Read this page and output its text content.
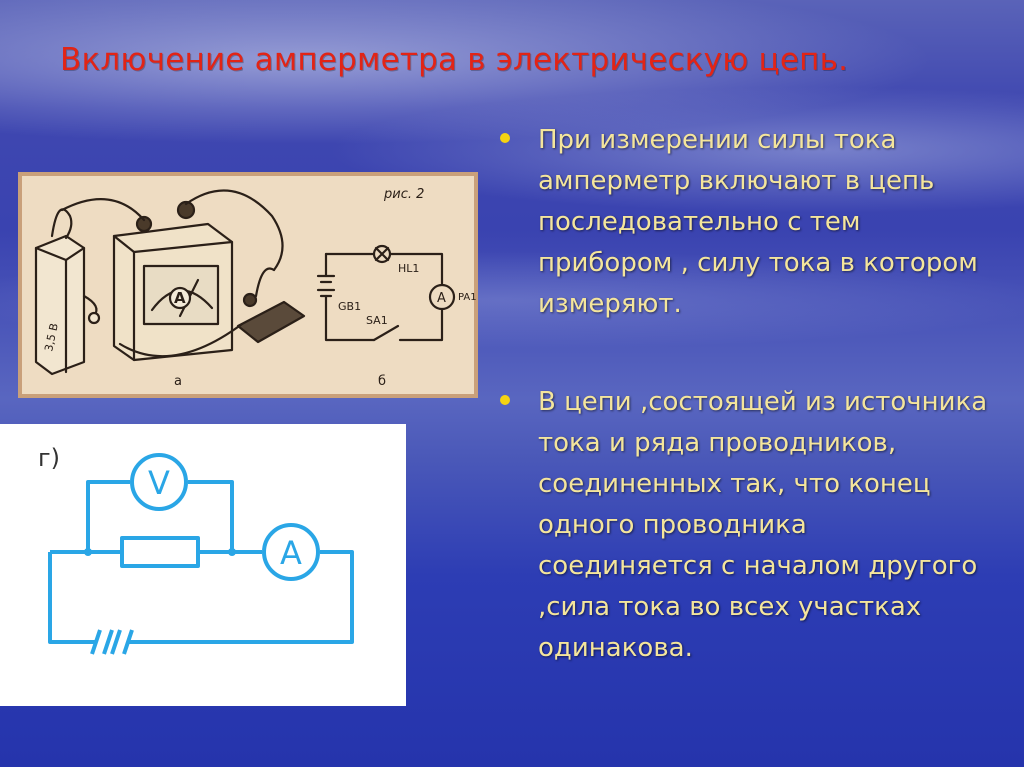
Включение амперметра в электрическую цепь.
При измерении силы тока амперметр включают в цепь последовательно с тем прибором , силу тока в котором измеряют.
В цепи ,состоящей из источника тока и ряда проводников, соединенных так, что конец одного проводника соединяется с началом другого ,сила тока во всех участках одинакова.
рис. 2
а	б
3,5 В
A
HL1
GB1
SA1
PA1
A
г)
V
A
